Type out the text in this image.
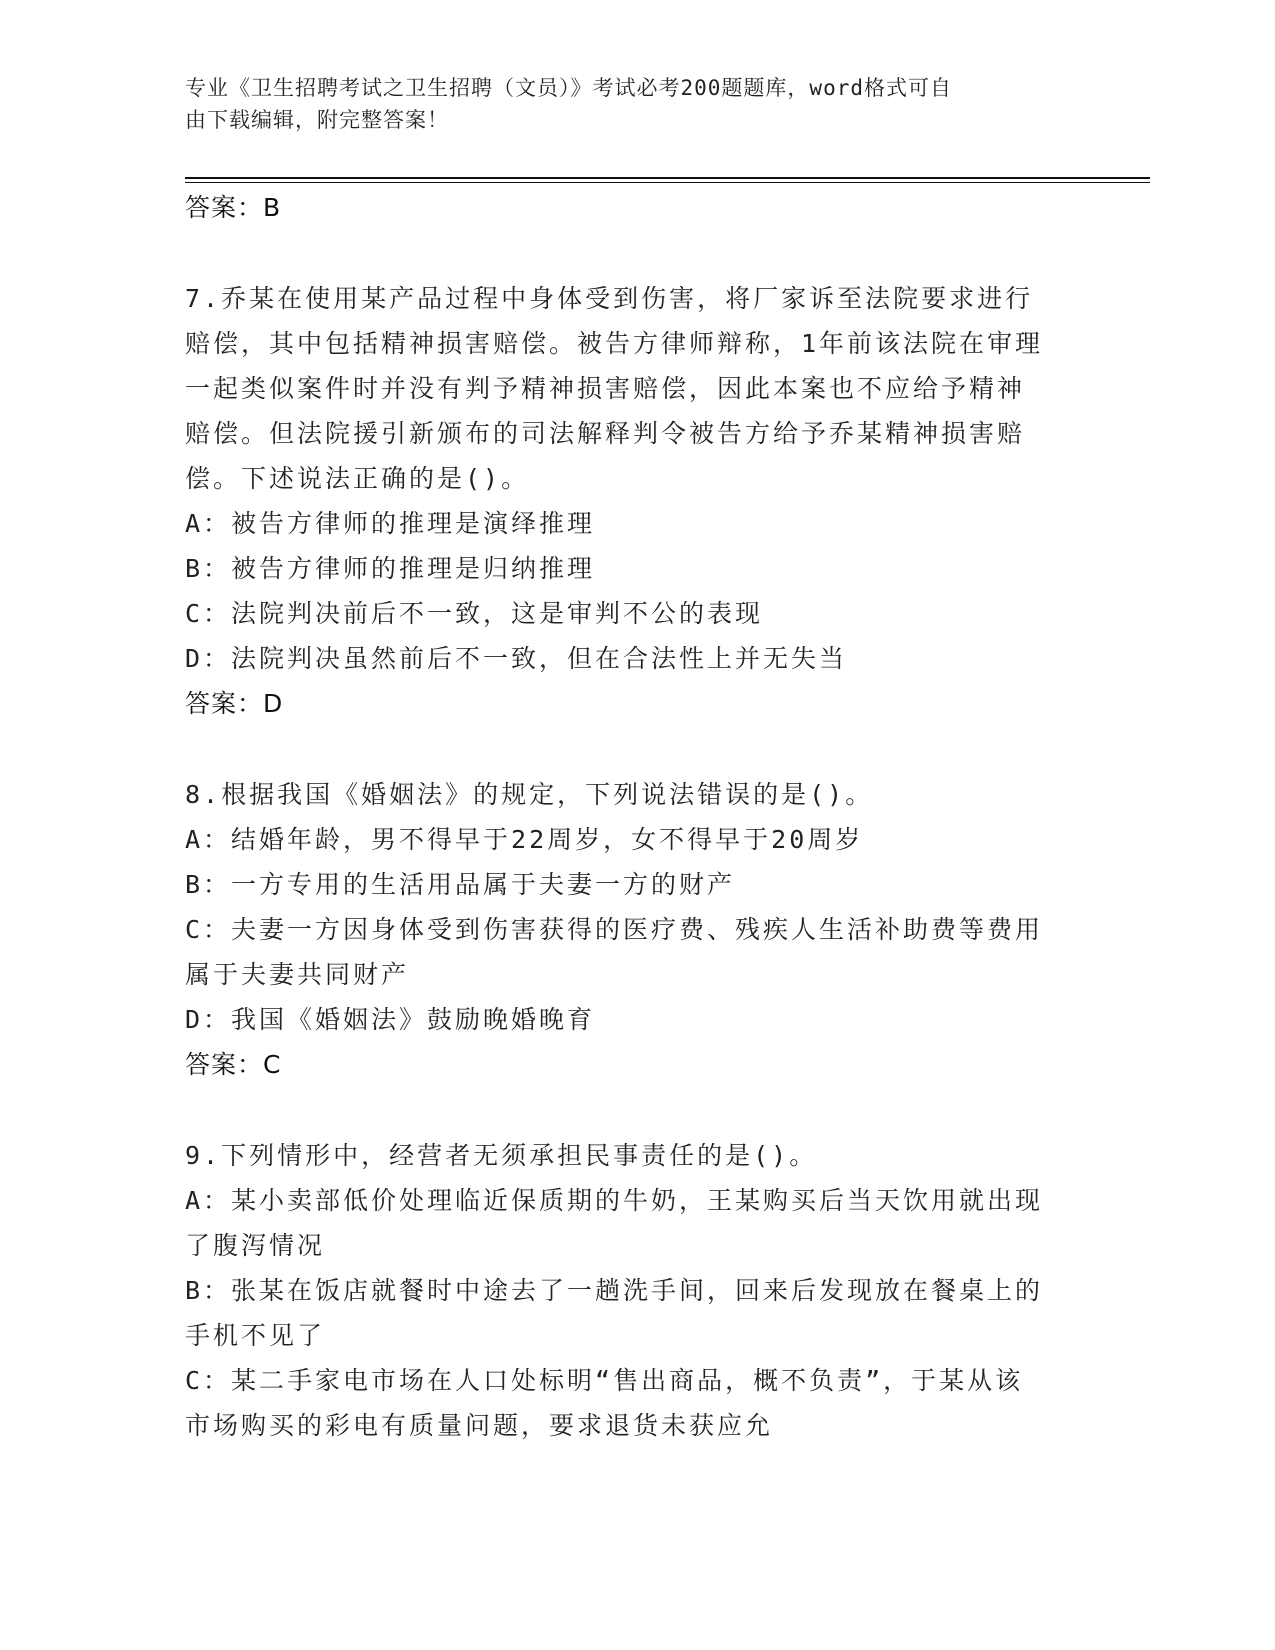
专业《卫生招聘考试之卫生招聘（文员）》考试必考200题题库，word格式可自
由下载编辑，附完整答案！
答案：B

7.乔某在使用某产品过程中身体受到伤害，将厂家诉至法院要求进行

赔偿，其中包括精神损害赔偿。被告方律师辩称，1年前该法院在审理

一起类似案件时并没有判予精神损害赔偿，因此本案也不应给予精神

赔偿。但法院援引新颁布的司法解释判令被告方给予乔某精神损害赔

偿。下述说法正确的是()。

A：被告方律师的推理是演绎推理

B：被告方律师的推理是归纳推理

C：法院判决前后不一致，这是审判不公的表现

D：法院判决虽然前后不一致，但在合法性上并无失当

答案：D

8.根据我国《婚姻法》的规定，下列说法错误的是()。

A：结婚年龄，男不得早于22周岁，女不得早于20周岁

B：一方专用的生活用品属于夫妻一方的财产

C：夫妻一方因身体受到伤害获得的医疗费、残疾人生活补助费等费用

属于夫妻共同财产

D：我国《婚姻法》鼓励晚婚晚育

答案：C

9.下列情形中，经营者无须承担民事责任的是()。

A：某小卖部低价处理临近保质期的牛奶，王某购买后当天饮用就出现

了腹泻情况

B：张某在饭店就餐时中途去了一趟洗手间，回来后发现放在餐桌上的

手机不见了

C：某二手家电市场在人口处标明“售出商品，概不负责”，于某从该

市场购买的彩电有质量问题，要求退货未获应允
